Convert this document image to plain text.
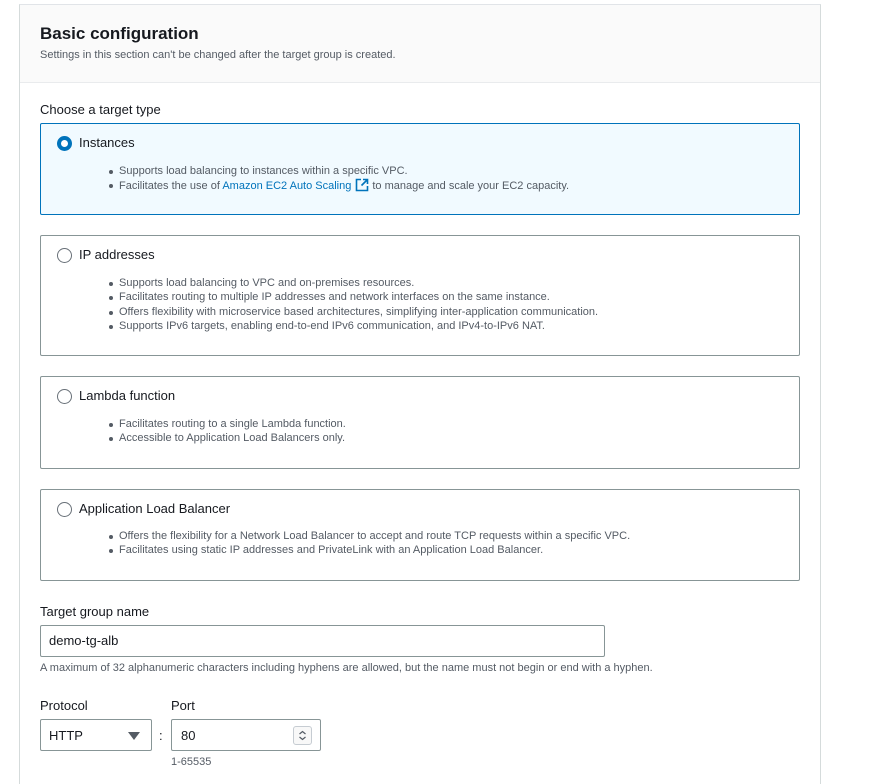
Basic configuration
Settings in this section can't be changed after the target group is created.
Choose a target type
Instances
Supports load balancing to instances within a specific VPC.
Facilitates the use of Amazon EC2 Auto Scaling to manage and scale your EC2 capacity.
IP addresses
Supports load balancing to VPC and on-premises resources.
Facilitates routing to multiple IP addresses and network interfaces on the same instance.
Offers flexibility with microservice based architectures, simplifying inter-application communication.
Supports IPv6 targets, enabling end-to-end IPv6 communication, and IPv4-to-IPv6 NAT.
Lambda function
Facilitates routing to a single Lambda function.
Accessible to Application Load Balancers only.
Application Load Balancer
Offers the flexibility for a Network Load Balancer to accept and route TCP requests within a specific VPC.
Facilitates using static IP addresses and PrivateLink with an Application Load Balancer.
Target group name
demo-tg-alb
A maximum of 32 alphanumeric characters including hyphens are allowed, but the name must not begin or end with a hyphen.
Protocol	Port
HTTP	: 80
1-65535
